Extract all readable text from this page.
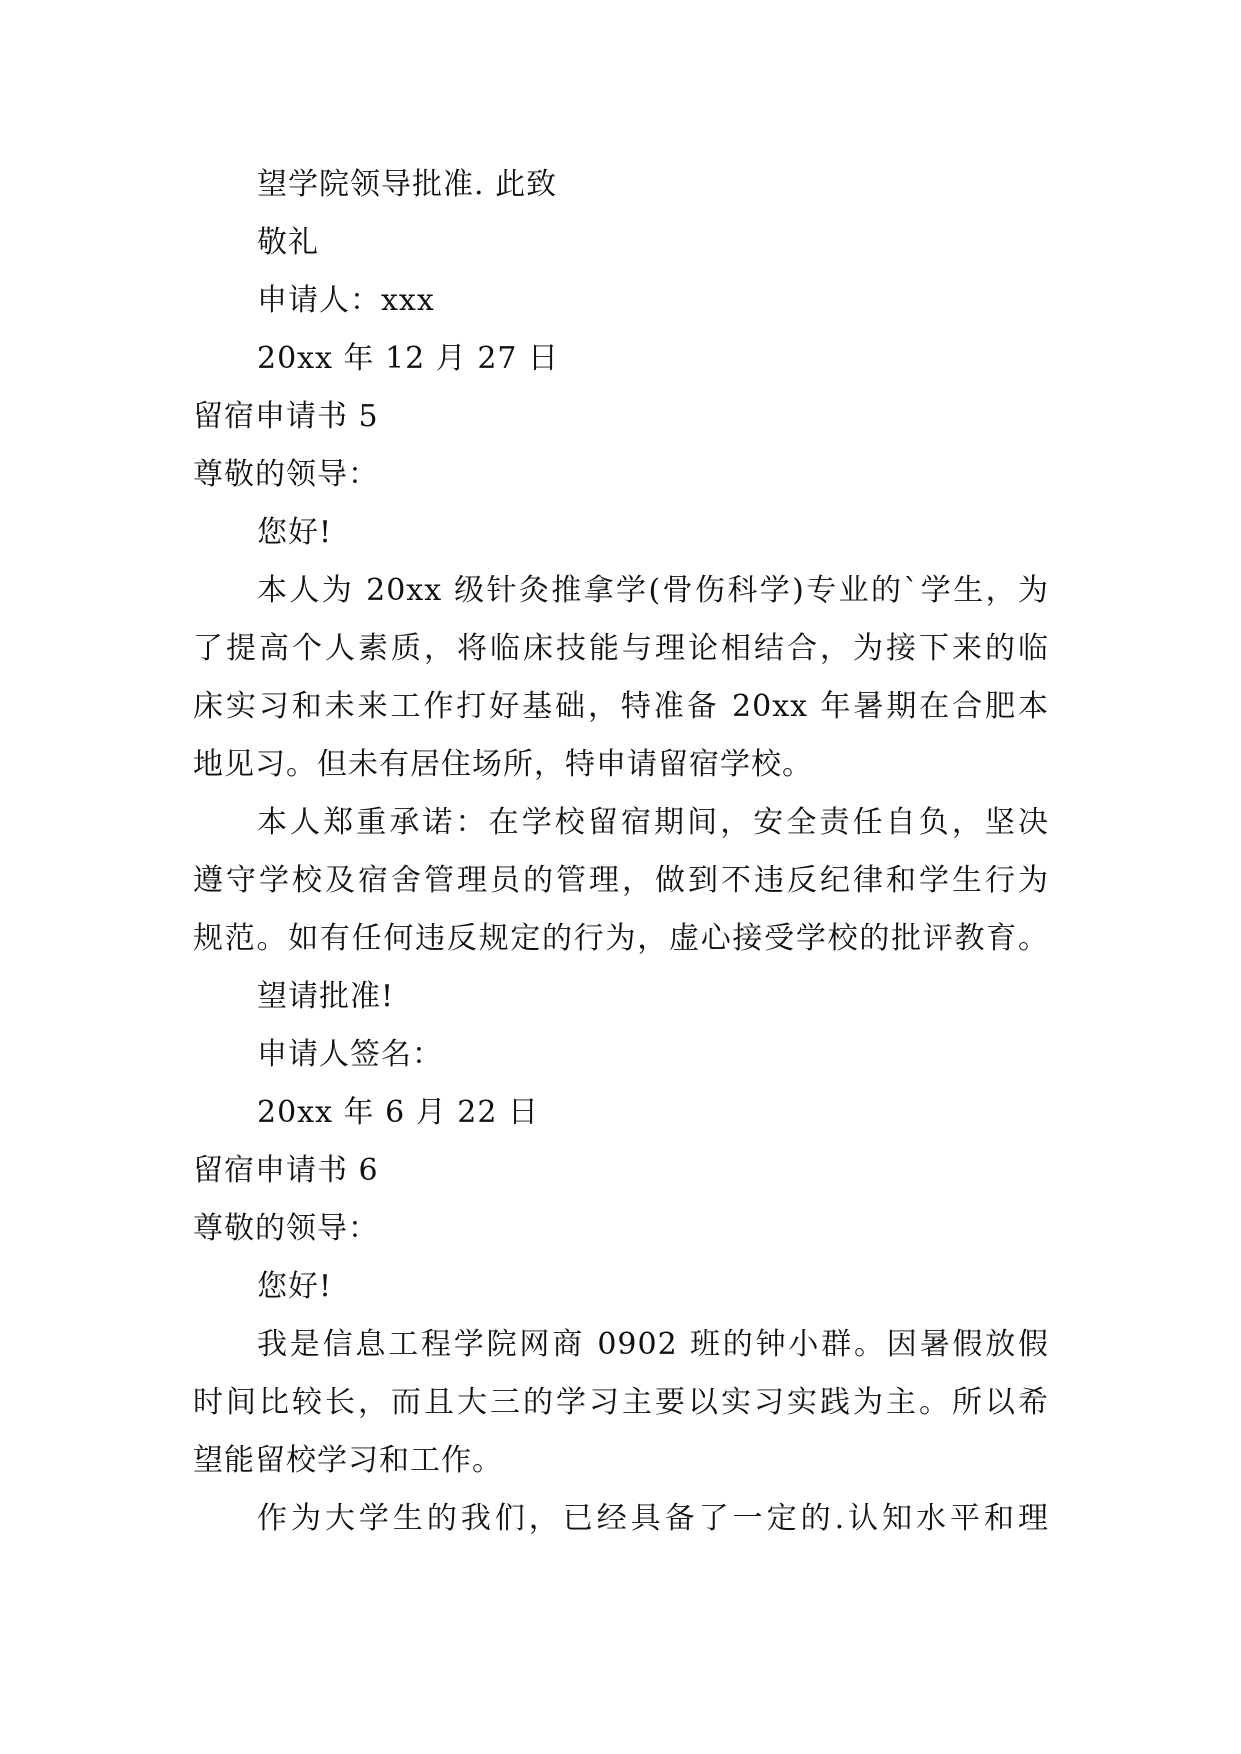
望学院领导批准. 此致
敬礼
申请人：xxx
20xx 年 12 月 27 日
留宿申请书 5
尊敬的领导：
您好!
本人为 20xx 级针灸推拿学(骨伤科学)专业的`学生，为
了提高个人素质，将临床技能与理论相结合，为接下来的临
床实习和未来工作打好基础，特准备 20xx 年暑期在合肥本
地见习。但未有居住场所，特申请留宿学校。
本人郑重承诺：在学校留宿期间，安全责任自负，坚决
遵守学校及宿舍管理员的管理，做到不违反纪律和学生行为
规范。如有任何违反规定的行为，虚心接受学校的批评教育。
望请批准!
申请人签名：
20xx 年 6 月 22 日
留宿申请书 6
尊敬的领导：
您好!
我是信息工程学院网商 0902 班的钟小群。因暑假放假
时间比较长，而且大三的学习主要以实习实践为主。所以希
望能留校学习和工作。
作为大学生的我们，已经具备了一定的.认知水平和理
